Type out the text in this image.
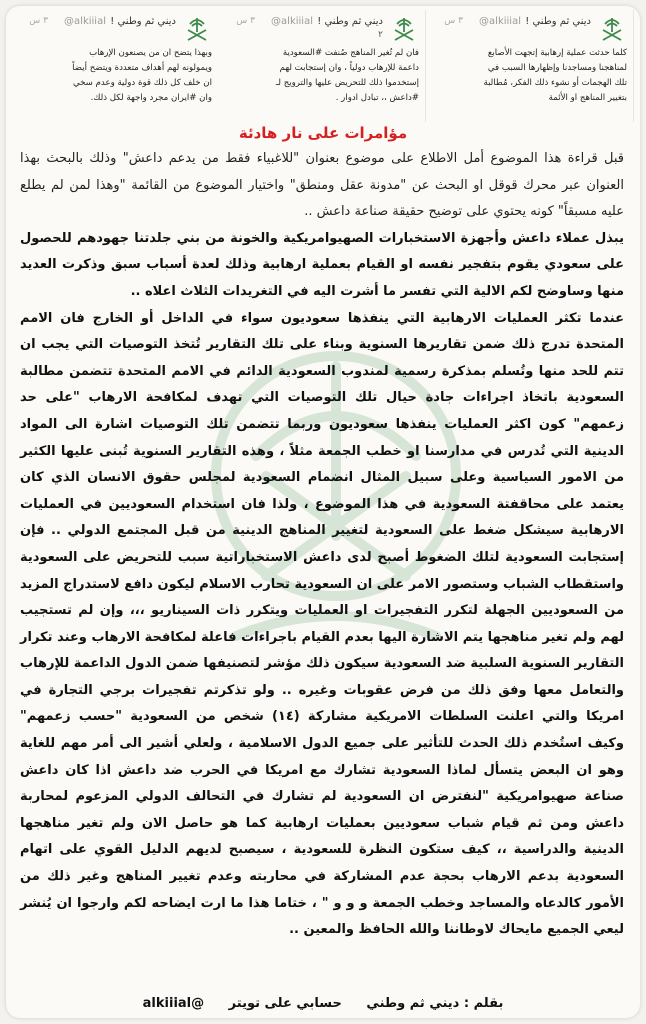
ديني ثم وطني !
@alkiiial
٣ س
كلما حدثت عملية إرهابية إتجهت الأصابع
لمناهجنا ومساجدنا وإظهارها السبب في
تلك الهجمات أو نشوء ذلك الفكر، مُطالبة
بتغيير المناهج او الأئمة
ديني ثم وطني !
@alkiiial
٣ س
٢
فان لم تُغير المناهج صُنفت #السعودية
داعمة للإرهاب دولياً ، وان إستجابت لهم
إستخدموا ذلك للتحريض عليها والترويج لـ
#داعش ،، تبادل ادوار .
ديني ثم وطني !
@alkiiial
٣ س
وبهذا يتضح ان من يصنعون الإرهاب
ويمولونه لهم أهداف متعددة ويتضح أيضاً
ان خلف كل ذلك قوة دولية وعدم سخي
وان #ايران مجرد واجهة لكل ذلك.
مؤامرات على نار هادئة

قبل قراءة هذا الموضوع أمل الاطلاع على موضوع بعنوان "للاغبياء فقط من يدعم داعش" وذلك بالبحث بهذا العنوان عبر محرك قوقل او البحث عن "مدونة عقل ومنطق" واختيار الموضوع من القائمة "وهذا لمن لم يطلع عليه مسبقاً" كونه يحتوي على توضيح حقيقة صناعة داعش ..

يبذل عملاء داعش وأجهزة الاستخبارات الصهيوامريكية والخونة من بني جلدتنا جهودهم للحصول على سعودي يقوم بتفجير نفسه او القيام بعملية ارهابية وذلك لعدة أسباب سبق وذكرت العديد منها وساوضح لكم الالية التي تفسر ما أشرت اليه في التغريدات الثلاث اعلاه ..

عندما تكثر العمليات الارهابية التي ينفذها سعوديون سواء في الداخل أو الخارج فان الامم المتحدة تدرج ذلك ضمن تقاريرها السنوية وبناء على تلك التقارير تُتخذ التوصيات التي يجب ان تتم للحد منها وتُسلم بمذكرة رسمية لمندوب السعودية الدائم في الامم المتحدة تتضمن مطالبة السعودية باتخاذ اجراءات جادة حيال تلك التوصيات التي تهدف لمكافحة الارهاب "على حد زعمهم" كون اكثر العمليات ينفذها سعوديون وربما تتضمن تلك التوصيات اشارة الى المواد الدينية التي تُدرس في مدارسنا او خطب الجمعة مثلاً ، وهذه التقارير السنوية تُبنى عليها الكثير من الامور السياسية وعلى سبيل المثال انضمام السعودية لمجلس حقوق الانسان الذي كان يعتمد على محاقفتة السعودية في هذا الموضوع ، ولذا فان استخدام السعوديين في العمليات الارهابية سيشكل ضغط على السعودية لتغيير المناهج الدينية من قبل المجتمع الدولي .. فإن إستجابت السعودية لتلك الضغوط أصبح لدى داعش الاستخباراتية سبب للتحريض على السعودية واستقطاب الشباب وستصور الامر على ان السعودية تحارب الاسلام ليكون دافع لاستدراج المزيد من السعوديين الجهلة لتكرر التفجيرات او العمليات ويتكرر ذات السيناريو ،،، وإن لم تستجيب لهم ولم تغير مناهجها يتم الاشارة اليها بعدم القيام باجراءات فاعلة لمكافحة الارهاب وعند تكرار التقارير السنوية السلبية ضد السعودية سيكون ذلك مؤشر لتصنيفها ضمن الدول الداعمة للإرهاب والتعامل معها وفق ذلك من فرض عقوبات وغيره .. ولو تذكرتم تفجيرات برجي التجارة في امريكا والتي اعلنت السلطات الامريكية مشاركة (١٤) شخص من السعودية "حسب زعمهم" وكيف استُخدم ذلك الحدث للتأثير على جميع الدول الاسلامية ، ولعلي أشير الى أمر مهم للغاية وهو ان البعض يتسأل لماذا السعودية تشارك مع امريكا في الحرب ضد داعش اذا كان داعش صناعة صهيوامريكية "لنفترض ان السعودية لم تشارك في التحالف الدولي المزعوم لمحاربة داعش ومن ثم قيام شباب سعوديين بعمليات ارهابية كما هو حاصل الان ولم تغير مناهجها الدينية والدراسية ،، كيف ستكون النظرة للسعودية ، سيصبح لديهم الدليل القوي على اتهام السعودية بدعم الارهاب بحجة عدم المشاركة في محاربته وعدم تغيير المناهج وغير ذلك من الأمور كالدعاه والمساجد وخطب الجمعة و و و " ، ختاما هذا ما ارت ايضاحه لكم وارجوا ان يُنشر ليعي الجميع مايحاك لاوطاننا والله الحافظ والمعين ..

بقلم : ديني ثم وطني حسابي على تويتر @alkiiial
